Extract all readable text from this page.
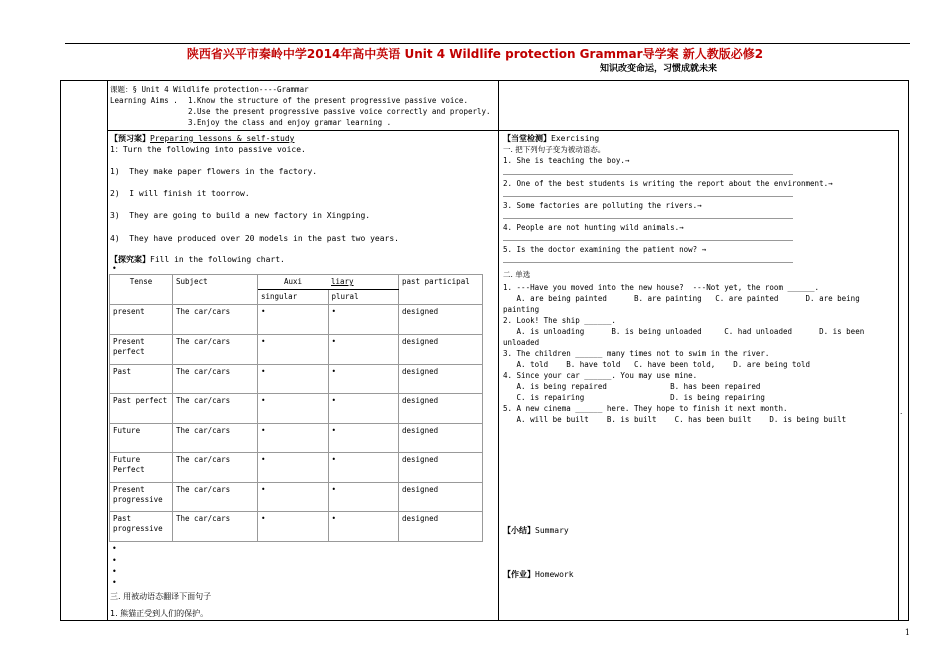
陕西省兴平市秦岭中学2014年高中英语 Unit 4 Wildlife protection Grammar导学案 新人教版必修2
知识改变命运，习惯成就未来
课题：§ Unit 4 Wildlife protection----Grammar
Learning Aims . 1.Know the structure of the present progressive passive voice.
2.Use the present progressive passive voice correctly and properly.
3.Enjoy the class and enjoy gramar learning .
【预习案】Preparing lessons & self-study
1：Turn the following into passive voice.
1)  They make paper flowers in the factory.
2)  I will finish it toorrow.
3)  They are going to build a new factory in Xingping.
4)  They have produced over 20 models in the past two years.
【探究案】Fill in the following chart.
•
Tense	Subject	Auxi	liary	past participal
		singular	plural	
present	The car/cars	•	•	designed
Present perfect	The car/cars	•	•	designed
Past	The car/cars	•	•	designed
Past perfect	The car/cars	•	•	designed
Future	The car/cars	•	•	designed
Future Perfect	The car/cars	•	•	designed
Present progressive	The car/cars	•	•	designed
Past progressive	The car/cars	•	•	designed
•
•
•
•
三. 用被动语态翻译下面句子
1. 熊猫正受到人们的保护。
【当堂检测】Exercising
一. 把下列句子变为被动语态。
1. She is teaching the boy.→
2. One of the best students is writing the report about the environment.→
3. Some factories are polluting the rivers.→
4. People are not hunting wild animals.→
5. Is the doctor examining the patient now? →
二. 单选
1. ---Have you moved into the new house?  ---Not yet, the room ______.
A. are being painted      B. are painting   C. are painted      D. are being
painting
2. Look! The ship ______.
A. is unloading      B. is being unloaded     C. had unloaded      D. is been
unloaded
3. The children ______ many times not to swim in the river.
A. told    B. have told   C. have been told,    D. are being told
4. Since your car ______. You may use mine.
A. is being repaired              B. has been repaired
C. is repairing                   D. is being repairing
5. A new cinema ______ here. They hope to finish it next month.
A. will be built    B. is built    C. has been built    D. is being built
.
【小结】Summary
【作业】Homework
1
